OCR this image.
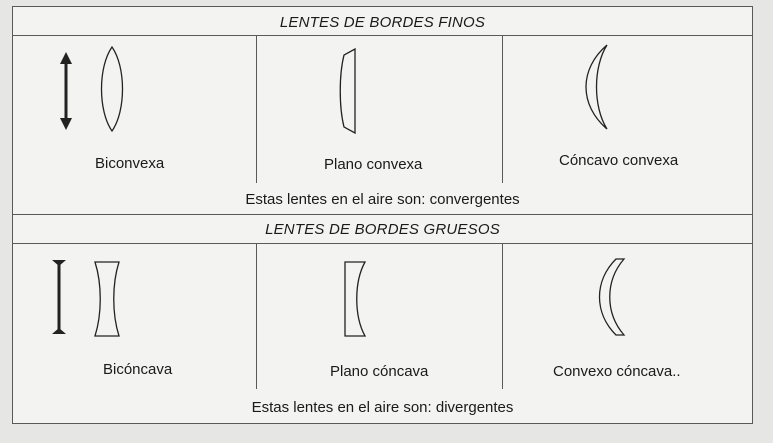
LENTES DE BORDES FINOS
Biconvexa	Plano convexa	Cóncavo convexa
Estas lentes en el aire son: convergentes
LENTES DE BORDES GRUESOS
Bicóncava	Plano cóncava	Convexo cóncava..
Estas lentes en el aire son: divergentes
